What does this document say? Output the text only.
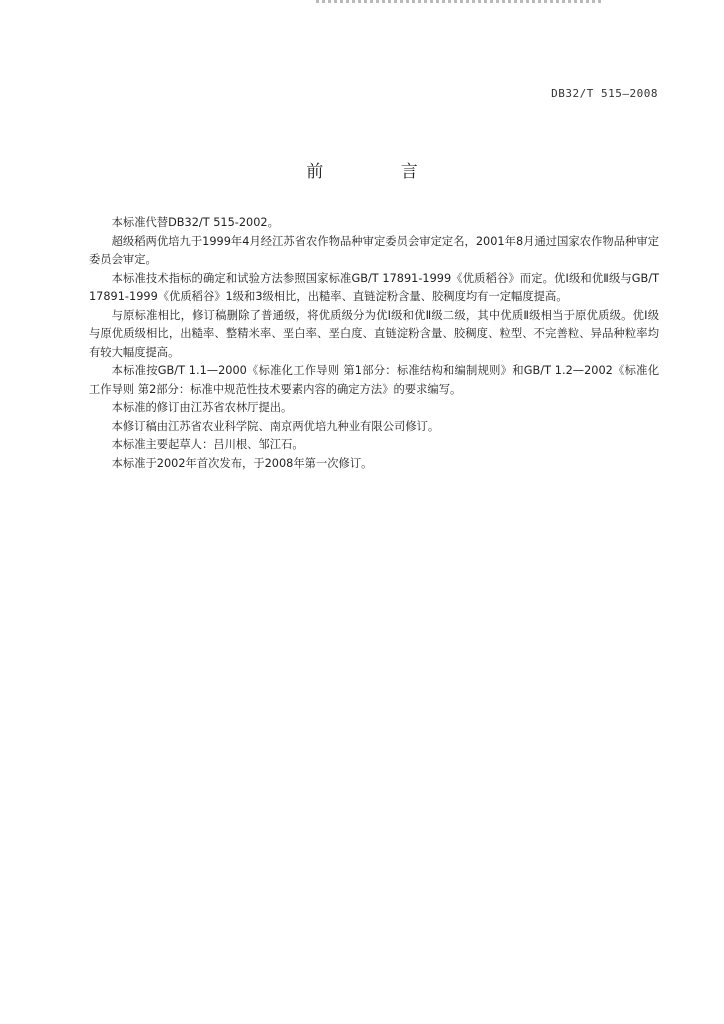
DB32/T 515—2008
前 言

本标准代替DB32/T 515-2002。

超级稻两优培九于1999年4月经江苏省农作物品种审定委员会审定定名，2001年8月通过国家农作物品种审定委员会审定。

本标准技术指标的确定和试验方法参照国家标准GB/T 17891-1999《优质稻谷》而定。优Ⅰ级和优Ⅱ级与GB/T 17891-1999《优质稻谷》1级和3级相比，出糙率、直链淀粉含量、胶稠度均有一定幅度提高。

与原标准相比，修订稿删除了普通级，将优质级分为优Ⅰ级和优Ⅱ级二级，其中优质Ⅱ级相当于原优质级。优Ⅰ级与原优质级相比，出糙率、整精米率、垩白率、垩白度、直链淀粉含量、胶稠度、粒型、不完善粒、异品种粒率均有较大幅度提高。

本标准按GB/T 1.1—2000《标准化工作导则 第1部分：标准结构和编制规则》和GB/T 1.2—2002《标准化工作导则 第2部分：标准中规范性技术要素内容的确定方法》的要求编写。

本标准的修订由江苏省农林厅提出。

本修订稿由江苏省农业科学院、南京两优培九种业有限公司修订。

本标准主要起草人：吕川根、邹江石。

本标准于2002年首次发布，于2008年第一次修订。
